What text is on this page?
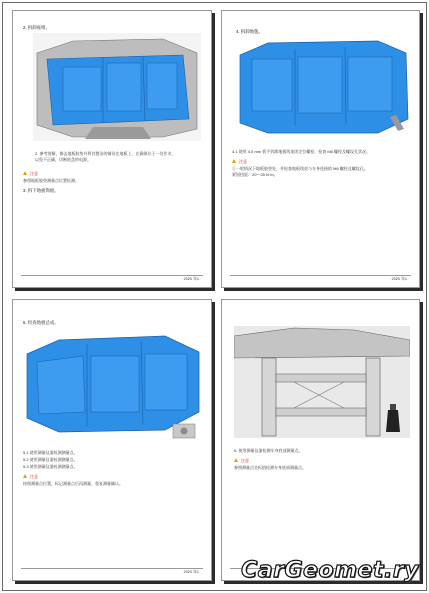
2. 拆卸座椅。
2. 参考图解，揭去地板胶垫并将其整洁的铺设在地板上，在确保位于一处作业，
以免不正确，切断底盘的电源。
注意
参照地板胶垫测量点位置检测。
3. 拆下地板饰板。
2020 年1
4. 拆卸地毯。
4.1 使用 4.5 mm 扳手拆卸地板线束固定位螺栓，检查 M6 螺栓及螺纹孔状况。
注意
①一般情况下地板胶垫处，并检查地板线束与车身连接的 M6 螺栓及螺纹孔。
紧固扭矩：20～25 N·m。
2020 年1
5. 检查地板总成。
5.1 使用测量仪器检测测量点。
5.2 使用测量仪器检测测量点。
5.3 使用测量仪器检测测量点。
注意
按照测量点位置，标记测量点后再测量，重复测量确认。
2020 年1
6. 使用测量仪器检测车身底部测量点。
注意
参照测量点坐标值检测车身底部测量点。
CarGeomet.ry
